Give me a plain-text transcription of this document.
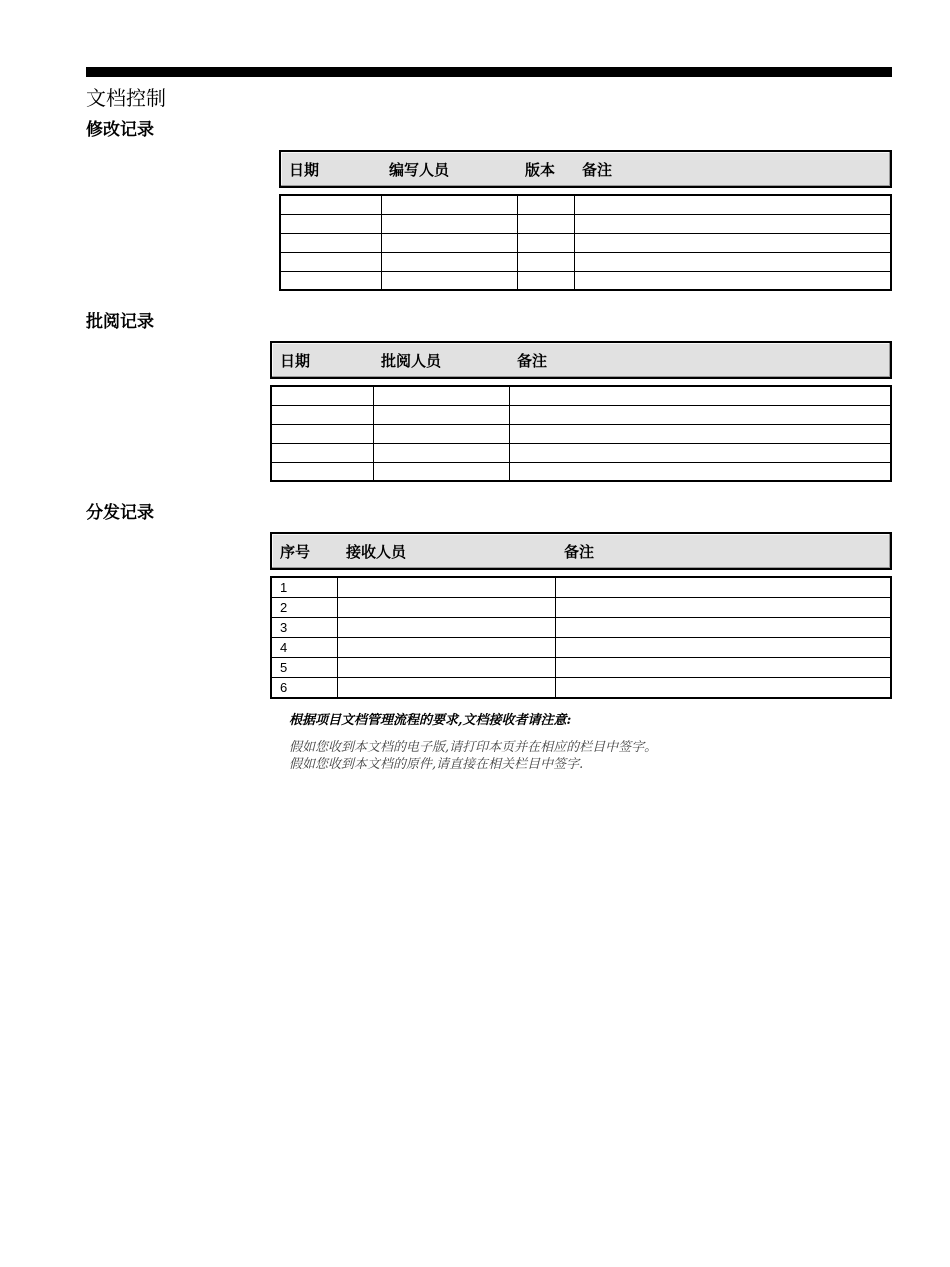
文档控制
修改记录
日期	编写人员	版本	备注

批阅记录
日期	批阅人员	备注

分发记录
序号	接收人员	备注
1		
2		
3		
4		
5		
6		

根据项目文档管理流程的要求,文档接收者请注意:

假如您收到本文档的电子版,请打印本页并在相应的栏目中签字。

假如您收到本文档的原件,请直接在相关栏目中签字.
